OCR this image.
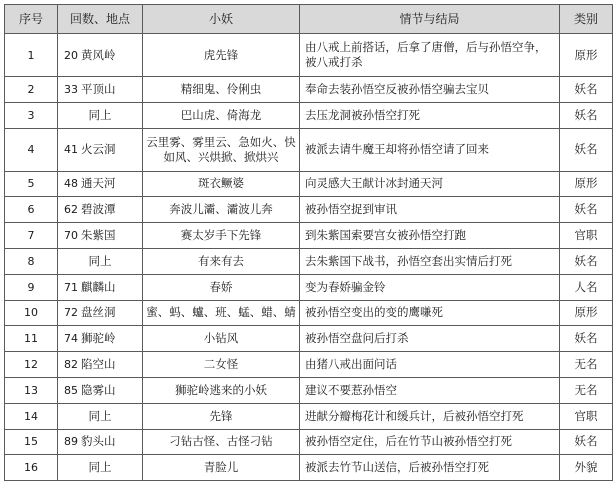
序号	回数、地点	小妖	情节与结局	类别
1	20 黄风岭	虎先锋	由八戒上前搭话，后拿了唐僧，后与孙悟空争，被八戒打杀	原形
2	33 平顶山	精细鬼、伶俐虫	奉命去装孙悟空反被孙悟空骗去宝贝	妖名
3	同上	巴山虎、倚海龙	去压龙洞被孙悟空打死	妖名
4	41 火云洞	云里雾、雾里云、急如火、快如风、兴烘掀、掀烘兴	被派去请牛魔王却将孙悟空请了回来	妖名
5	48 通天河	斑衣鳜婆	向灵感大王献计冰封通天河	原形
6	62 碧波潭	奔波儿灞、灞波儿奔	被孙悟空捉到审讯	妖名
7	70 朱紫国	赛太岁手下先锋	到朱紫国索要宫女被孙悟空打跑	官职
8	同上	有来有去	去朱紫国下战书，孙悟空套出实情后打死	妖名
9	71 麒麟山	春娇	变为春娇骗金铃	人名
10	72 盘丝洞	蜜、蚂、蠦、班、蜢、蜡、蜻	被孙悟空变出的变的鹰嗛死	原形
11	74 狮驼岭	小钻风	被孙悟空盘问后打杀	妖名
12	82 陷空山	二女怪	由猪八戒出面问话	无名
13	85 隐雾山	狮驼岭逃来的小妖	建议不要惹孙悟空	无名
14	同上	先锋	进献分瓣梅花计和缓兵计，后被孙悟空打死	官职
15	89 豹头山	刁钻古怪、古怪刁钻	被孙悟空定住，后在竹节山被孙悟空打死	妖名
16	同上	青脸儿	被派去竹节山送信，后被孙悟空打死	外貌
